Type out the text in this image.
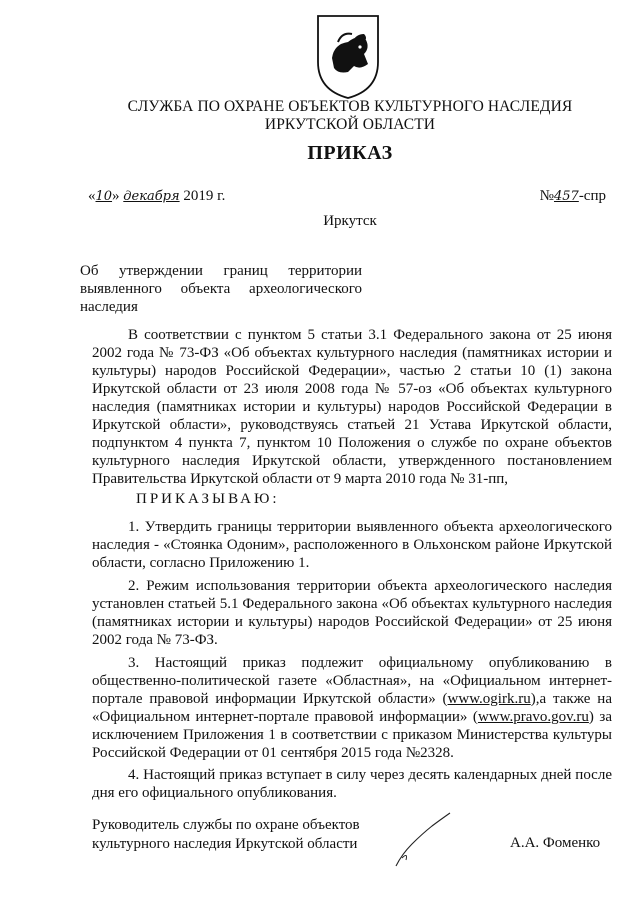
СЛУЖБА ПО ОХРАНЕ ОБЪЕКТОВ КУЛЬТУРНОГО НАСЛЕДИЯ
ИРКУТСКОЙ ОБЛАСТИ
ПРИКАЗ
«10» декабря 2019 г.	№457-спр
Иркутск
Об утверждении границ территории выявленного объекта археологического наследия
В соответствии с пунктом 5 статьи 3.1 Федерального закона от 25 июня 2002 года № 73-ФЗ «Об объектах культурного наследия (памятниках истории и культуры) народов Российской Федерации», частью 2 статьи 10 (1) закона Иркутской области от 23 июля 2008 года № 57-оз «Об объектах культурного наследия (памятниках истории и культуры) народов Российской Федерации в Иркутской области», руководствуясь статьей 21 Устава Иркутской области, подпунктом 4 пункта 7, пунктом 10 Положения о службе по охране объектов культурного наследия Иркутской области, утвержденного постановлением Правительства Иркутской области от 9 марта 2010 года № 31-пп,
ПРИКАЗЫВАЮ:
1. Утвердить границы территории выявленного объекта археологического наследия - «Стоянка Одоним», расположенного в Ольхонском районе Иркутской области, согласно Приложению 1.
2. Режим использования территории объекта археологического наследия установлен статьей 5.1 Федерального закона «Об объектах культурного наследия (памятниках истории и культуры) народов Российской Федерации» от 25 июня 2002 года № 73-ФЗ.
3. Настоящий приказ подлежит официальному опубликованию в общественно-политической газете «Областная», на «Официальном интернет-портале правовой информации Иркутской области» (www.ogirk.ru),а также на «Официальном интернет-портале правовой информации» (www.pravo.gov.ru) за исключением Приложения 1 в соответствии с приказом Министерства культуры Российской Федерации от 01 сентября 2015 года №2328.
4. Настоящий приказ вступает в силу через десять календарных дней после дня его официального опубликования.
Руководитель службы по охране объектов
культурного наследия Иркутской области	А.А. Фоменко
